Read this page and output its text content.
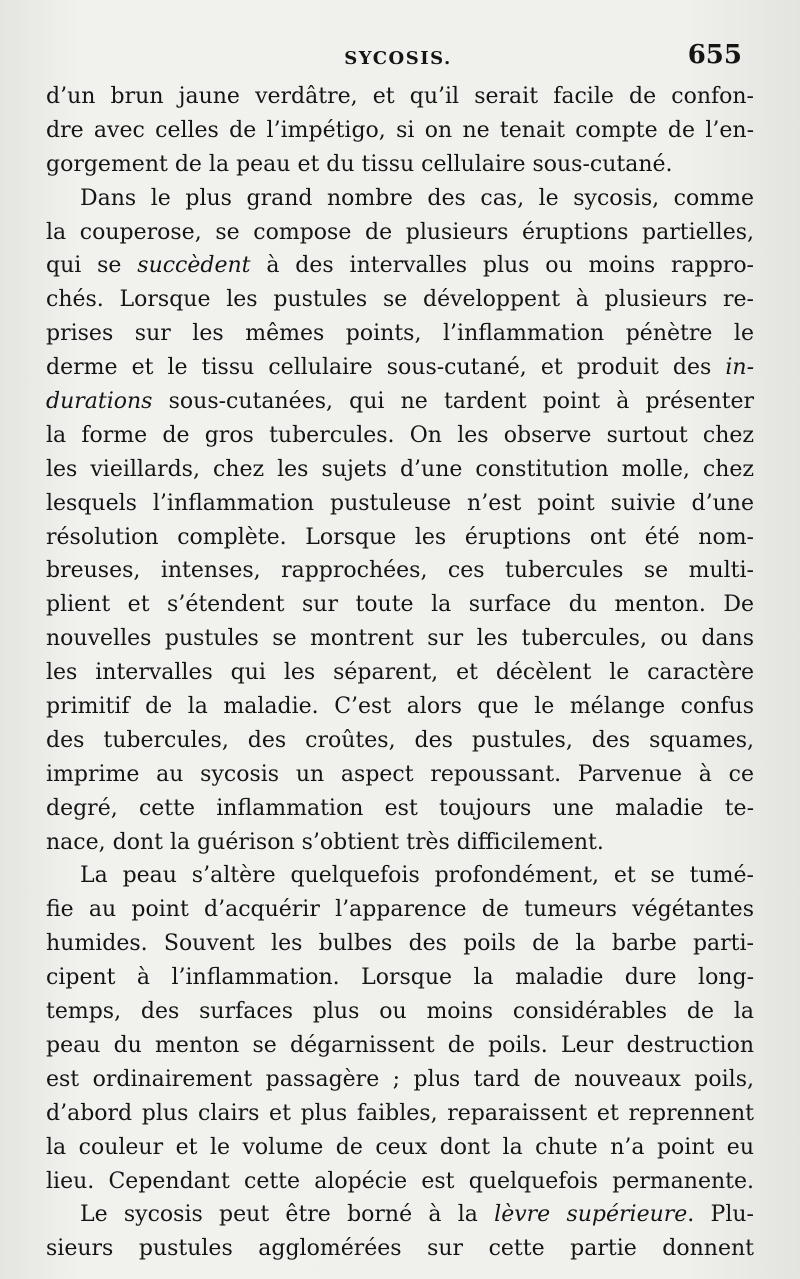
SYCOSIS.	655
d’un brun jaune verdâtre, et qu’il serait facile de confon-
dre avec celles de l’impétigo, si on ne tenait compte de l’en-
gorgement de la peau et du tissu cellulaire sous-cutané.
Dans le plus grand nombre des cas, le sycosis, comme
la couperose, se compose de plusieurs éruptions partielles,
qui se succèdent à des intervalles plus ou moins rappro-
chés. Lorsque les pustules se développent à plusieurs re-
prises sur les mêmes points, l’inflammation pénètre le
derme et le tissu cellulaire sous-cutané, et produit des in-
durations sous-cutanées, qui ne tardent point à présenter
la forme de gros tubercules. On les observe surtout chez
les vieillards, chez les sujets d’une constitution molle, chez
lesquels l’inflammation pustuleuse n’est point suivie d’une
résolution complète. Lorsque les éruptions ont été nom-
breuses, intenses, rapprochées, ces tubercules se multi-
plient et s’étendent sur toute la surface du menton. De
nouvelles pustules se montrent sur les tubercules, ou dans
les intervalles qui les séparent, et décèlent le caractère
primitif de la maladie. C’est alors que le mélange confus
des tubercules, des croûtes, des pustules, des squames,
imprime au sycosis un aspect repoussant. Parvenue à ce
degré, cette inflammation est toujours une maladie te-
nace, dont la guérison s’obtient très difficilement.
La peau s’altère quelquefois profondément, et se tumé-
fie au point d’acquérir l’apparence de tumeurs végétantes
humides. Souvent les bulbes des poils de la barbe parti-
cipent à l’inflammation. Lorsque la maladie dure long-
temps, des surfaces plus ou moins considérables de la
peau du menton se dégarnissent de poils. Leur destruction
est ordinairement passagère ; plus tard de nouveaux poils,
d’abord plus clairs et plus faibles, reparaissent et reprennent
la couleur et le volume de ceux dont la chute n’a point eu
lieu. Cependant cette alopécie est quelquefois permanente.
Le sycosis peut être borné à la lèvre supérieure. Plu-
sieurs pustules agglomérées sur cette partie donnent
